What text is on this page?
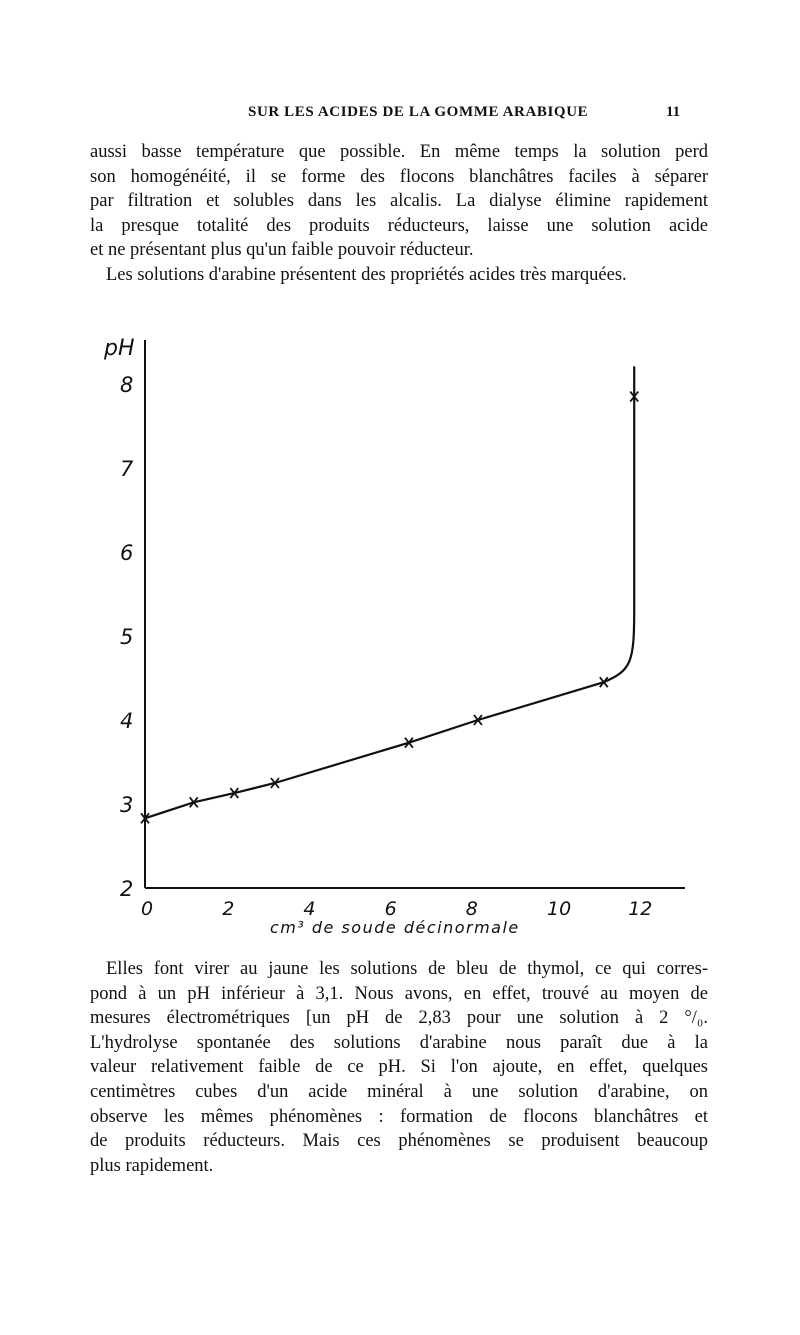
SUR LES ACIDES DE LA GOMME ARABIQUE	11
aussi basse température que possible. En même temps la solution perd
son homogénéité, il se forme des flocons blanchâtres faciles à séparer
par filtration et solubles dans les alcalis. La dialyse élimine rapidement
la presque totalité des produits réducteurs, laisse une solution acide
et ne présentant plus qu'un faible pouvoir réducteur.
Les solutions d'arabine présentent des propriétés acides très marquées.
2
3
4
5
6
7
8
0	2	4	6	8	10	12
pH
cm³ de soude décinormale
Elles font virer au jaune les solutions de bleu de thymol, ce qui corres-
pond à un pH inférieur à 3,1. Nous avons, en effet, trouvé au moyen de
mesures électrométriques [un pH de 2,83 pour une solution à 2 °/₀.
L'hydrolyse spontanée des solutions d'arabine nous paraît due à la
valeur relativement faible de ce pH. Si l'on ajoute, en effet, quelques
centimètres cubes d'un acide minéral à une solution d'arabine, on
observe les mêmes phénomènes : formation de flocons blanchâtres et
de produits réducteurs. Mais ces phénomènes se produisent beaucoup
plus rapidement.
